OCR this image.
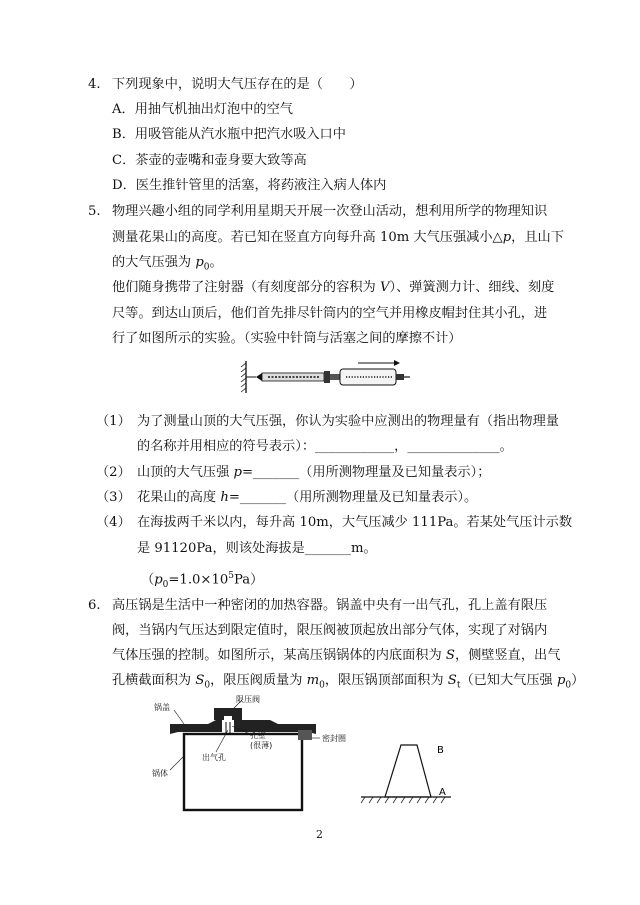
4. 下列现象中，说明大气压存在的是（　　）
A．用抽气机抽出灯泡中的空气
B．用吸管能从汽水瓶中把汽水吸入口中
C．茶壶的壶嘴和壶身要大致等高
D．医生推针管里的活塞，将药液注入病人体内
5. 物理兴趣小组的同学利用星期天开展一次登山活动，想利用所学的物理知识
测量花果山的高度。若已知在竖直方向每升高 10m 大气压强减小△p，且山下
的大气压强为 $p_0$。
他们随身携带了注射器（有刻度部分的容积为 V）、弹簧测力计、细线、刻度
尺等。到达山顶后，他们首先排尽针筒内的空气并用橡皮帽封住其小孔，进
行了如图所示的实验。（实验中针筒与活塞之间的摩擦不计）
（1） 为了测量山顶的大气压强，你认为实验中应测出的物理量有（指出物理量
的名称并用相应的符号表示）：____________，______________。
（2） 山顶的大气压强 p=_______（用所测物理量及已知量表示）；
（3） 花果山的高度 h=_______（用所测物理量及已知量表示）。
（4） 在海拔两千米以内，每升高 10m，大气压减少 111Pa。若某处气压计示数
是 91120Pa，则该处海拔是_______m。
$(p_0=1.0\times 10^5Pa)$
6. 高压锅是生活中一种密闭的加热容器。锅盖中央有一出气孔，孔上盖有限压
阀，当锅内气压达到限定值时，限压阀被顶起放出部分气体，实现了对锅内
气体压强的控制。如图所示，某高压锅锅体的内底面积为 S，侧壁竖直，出气
孔横截面积为 $S_0$，限压阀质量为 $m_0$，限压锅顶部面积为 $S_t$（已知大气压强 $p_0$）
限压阀
锅盖
孔壁
(很薄)
密封圈
出气孔
锅体
B
A
2
